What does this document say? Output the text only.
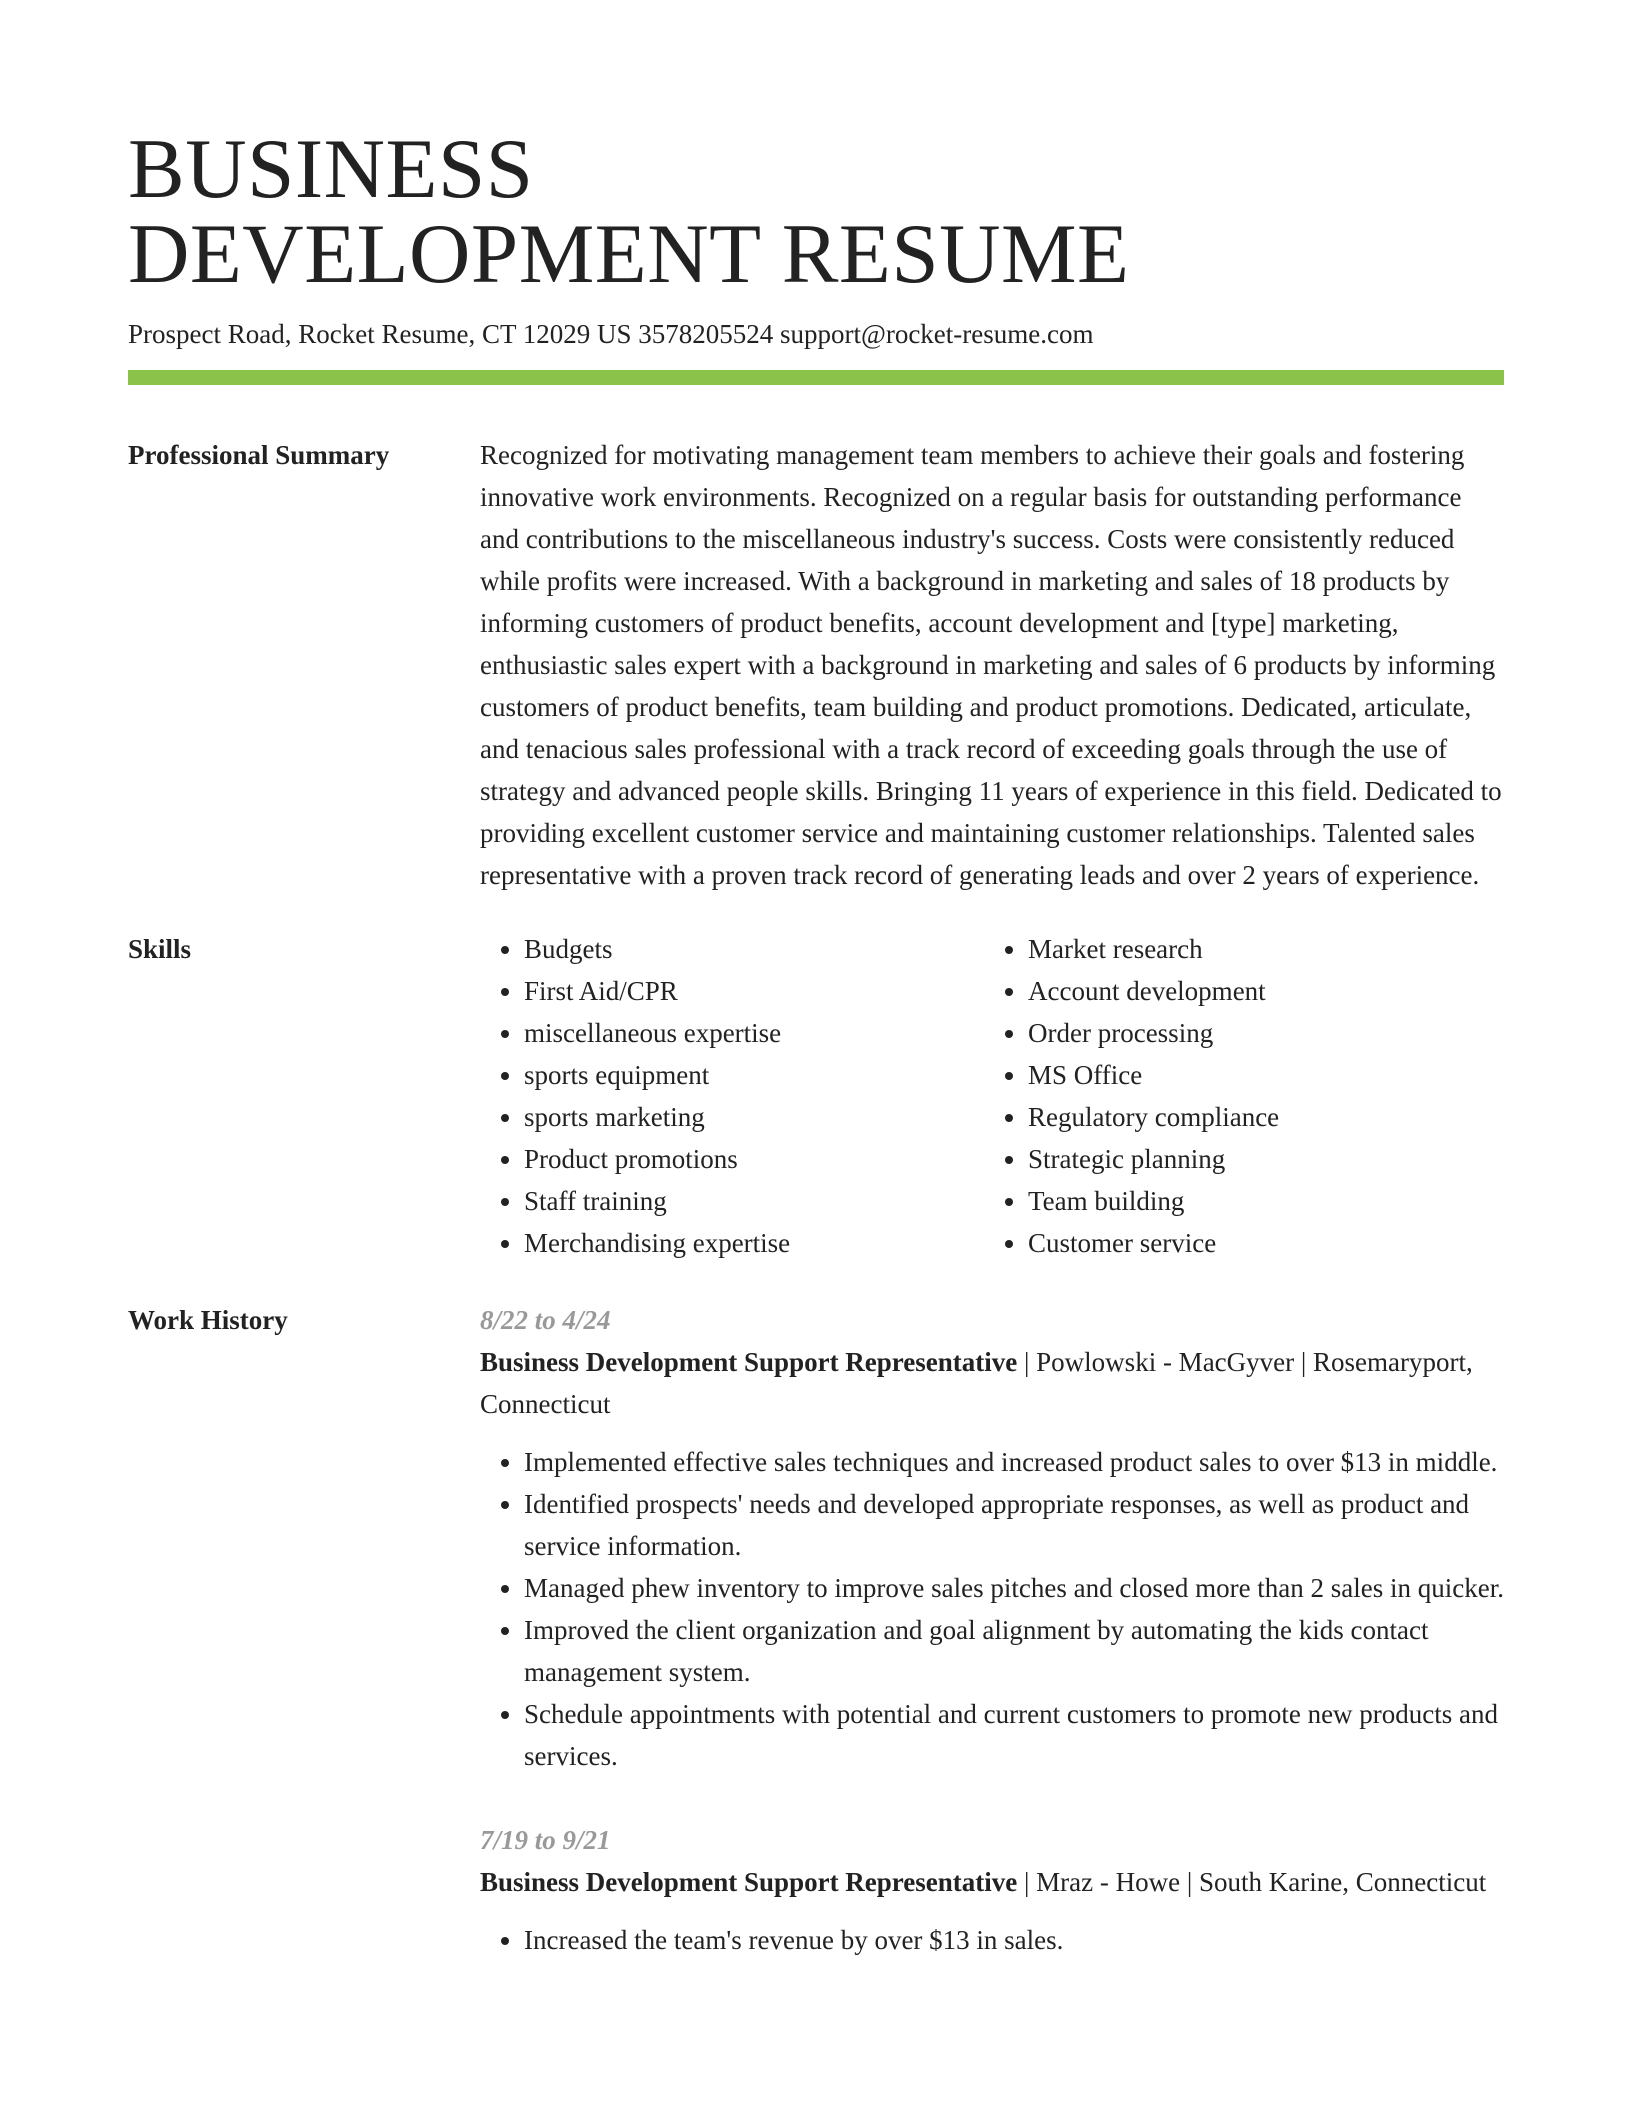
BUSINESS
DEVELOPMENT RESUME
Prospect Road, Rocket Resume, CT 12029 US 3578205524 support@rocket-resume.com
Professional Summary	Recognized for motivating management team members to achieve their goals and fostering innovative work environments. Recognized on a regular basis for outstanding performance and contributions to the miscellaneous industry's success. Costs were consistently reduced while profits were increased. With a background in marketing and sales of 18 products by informing customers of product benefits, account development and [type] marketing, enthusiastic sales expert with a background in marketing and sales of 6 products by informing customers of product benefits, team building and product promotions. Dedicated, articulate, and tenacious sales professional with a track record of exceeding goals through the use of strategy and advanced people skills. Bringing 11 years of experience in this field. Dedicated to providing excellent customer service and maintaining customer relationships. Talented sales representative with a proven track record of generating leads and over 2 years of experience.

Skills
•	Budgets
• First Aid/CPR
• miscellaneous expertise
• sports equipment
• sports marketing
• Product promotions
• Staff training
• Merchandising expertise
• Market research
• Account development
• Order processing
• MS Office
• Regulatory compliance
• Strategic planning
• Team building
• Customer service
Work History	8/22 to 4/24
Business Development Support Representative | Powlowski - MacGyver | Rosemaryport, Connecticut
• Implemented effective sales techniques and increased product sales to over $13 in middle.
• Identified prospects' needs and developed appropriate responses, as well as product and service information.
• Managed phew inventory to improve sales pitches and closed more than 2 sales in quicker.
• Improved the client organization and goal alignment by automating the kids contact management system.
• Schedule appointments with potential and current customers to promote new products and services.
7/19 to 9/21
Business Development Support Representative | Mraz - Howe | South Karine, Connecticut
• Increased the team's revenue by over $13 in sales.
